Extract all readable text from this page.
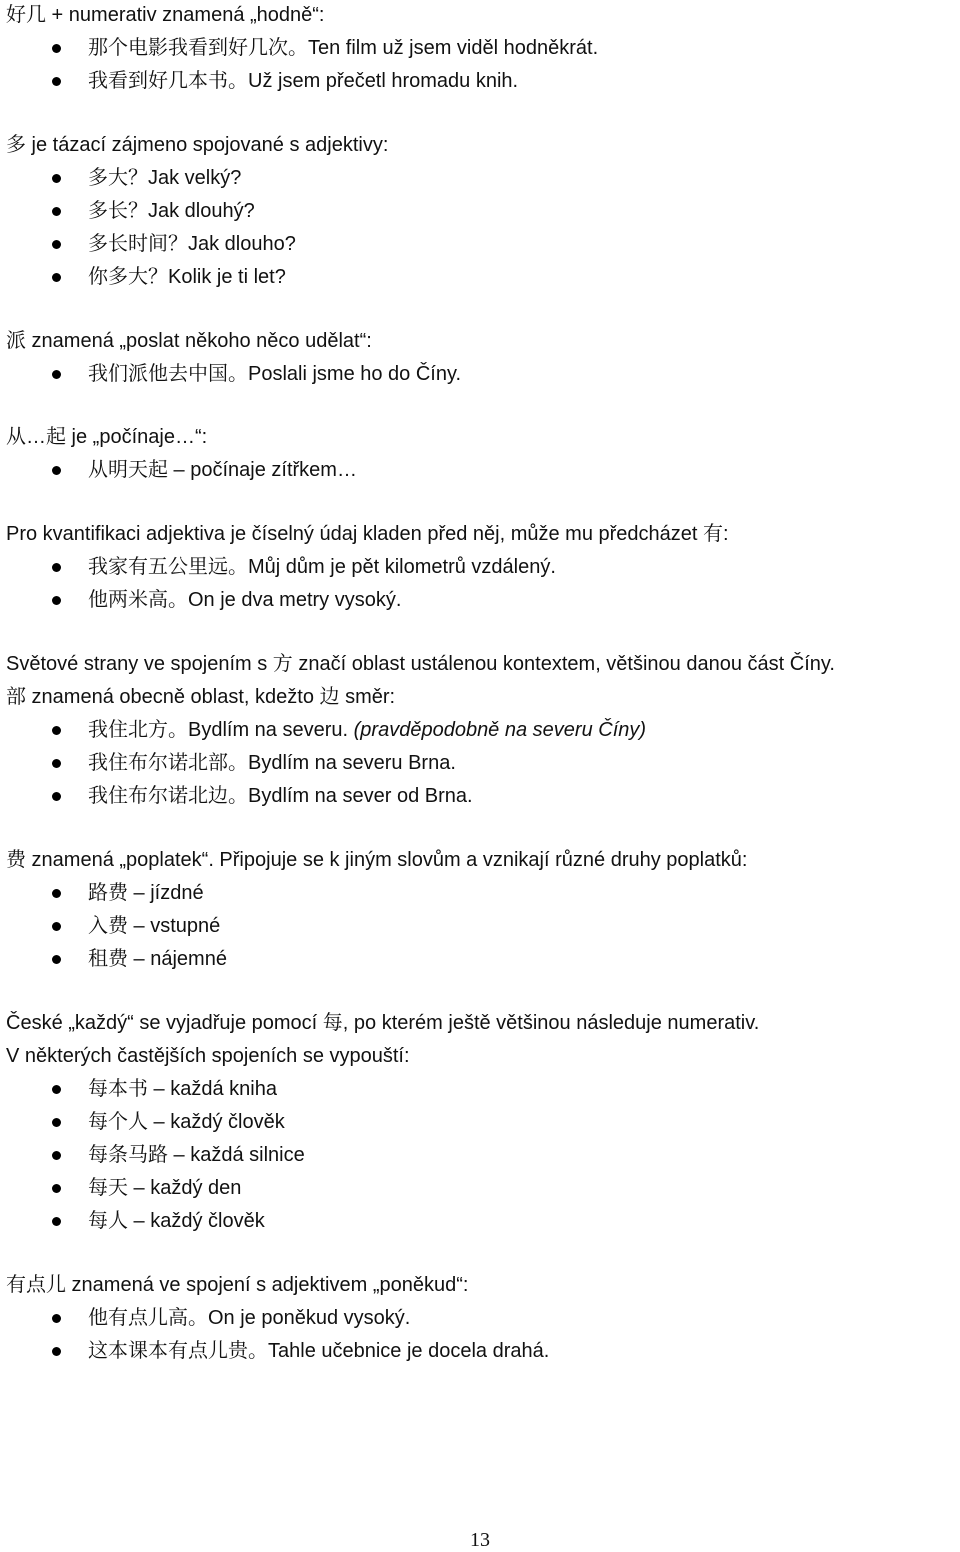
好几 + numerativ znamená „hodně“:
那个电影我看到好几次。Ten film už jsem viděl hodněkrát.
我看到好几本书。Už jsem přečetl hromadu knih.
多 je tázací zájmeno spojované s adjektivy:
多大？Jak velký?
多长？Jak dlouhý?
多长时间？Jak dlouho?
你多大？Kolik je ti let?
派 znamená „poslat někoho něco udělat“:
我们派他去中国。Poslali jsme ho do Číny.
从…起 je „počínaje…“:
从明天起 – počínaje zítřkem…
Pro kvantifikaci adjektiva je číselný údaj kladen před něj, může mu předcházet 有:
我家有五公里远。Můj dům je pět kilometrů vzdálený.
他两米高。On je dva metry vysoký.
Světové strany ve spojením s 方 značí oblast ustálenou kontextem, většinou danou část Číny.
部 znamená obecně oblast, kdežto 边 směr:
我住北方。Bydlím na severu. (pravděpodobně na severu Číny)
我住布尔诺北部。Bydlím na severu Brna.
我住布尔诺北边。Bydlím na sever od Brna.
费 znamená „poplatek“. Připojuje se k jiným slovům a vznikají různé druhy poplatků:
路费 – jízdné
入费 – vstupné
租费 – nájemné
České „každý“ se vyjadřuje pomocí 每, po kterém ještě většinou následuje numerativ.
V některých častějších spojeních se vypouští:
每本书 – každá kniha
每个人 – každý člověk
每条马路 – každá silnice
每天 – každý den
每人 – každý člověk
有点儿 znamená ve spojení s adjektivem „poněkud“:
他有点儿高。On je poněkud vysoký.
这本课本有点儿贵。Tahle učebnice je docela drahá.
13
